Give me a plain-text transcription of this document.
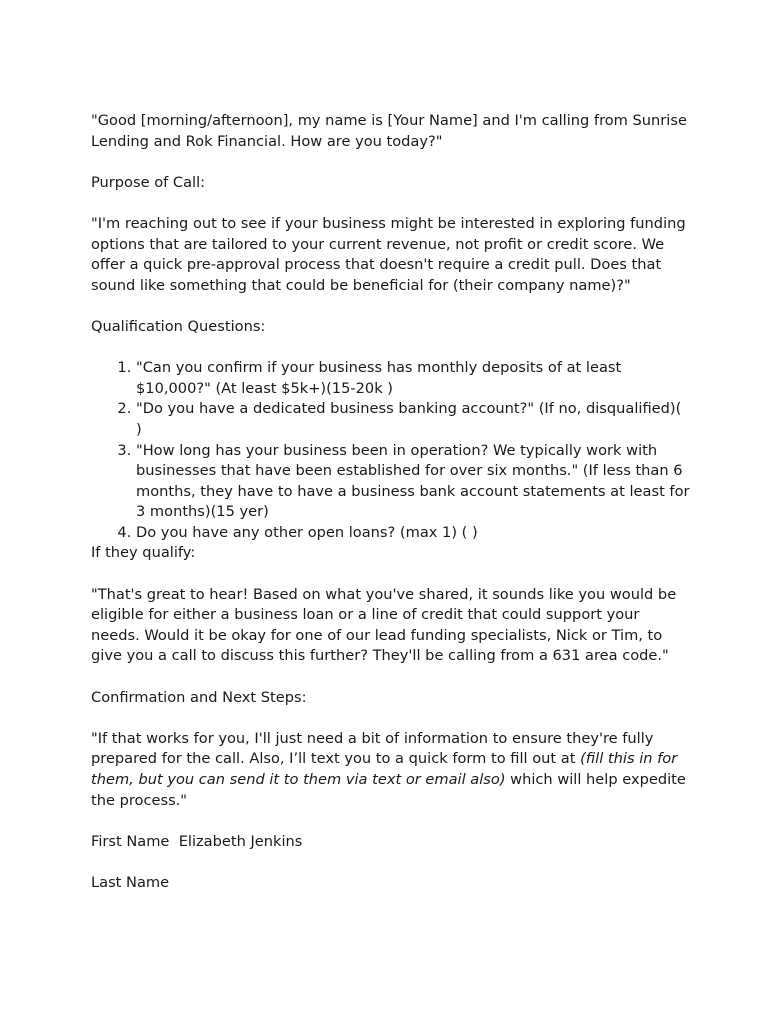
"Good [morning/afternoon], my name is [Your Name] and I'm calling from Sunrise Lending and Rok Financial. How are you today?"

Purpose of Call:

"I'm reaching out to see if your business might be interested in exploring funding options that are tailored to your current revenue, not profit or credit score. We offer a quick pre-approval process that doesn't require a credit pull. Does that sound like something that could be beneficial for (their company name)?"

Qualification Questions:

1. "Can you confirm if your business has monthly deposits of at least $10,000?" (At least $5k+)(15-20k )
2. "Do you have a dedicated business banking account?" (If no, disqualified)( )
3. "How long has your business been in operation? We typically work with businesses that have been established for over six months." (If less than 6 months, they have to have a business bank account statements at least for 3 months)(15 yer)
4. Do you have any other open loans? (max 1) ( )

If they qualify:

"That's great to hear! Based on what you've shared, it sounds like you would be eligible for either a business loan or a line of credit that could support your needs. Would it be okay for one of our lead funding specialists, Nick or Tim, to give you a call to discuss this further? They'll be calling from a 631 area code."

Confirmation and Next Steps:

"If that works for you, I'll just need a bit of information to ensure they're fully prepared for the call. Also, I’ll text you to a quick form to fill out at (fill this in for them, but you can send it to them via text or email also) which will help expedite the process."

First Name Elizabeth Jenkins

Last Name
